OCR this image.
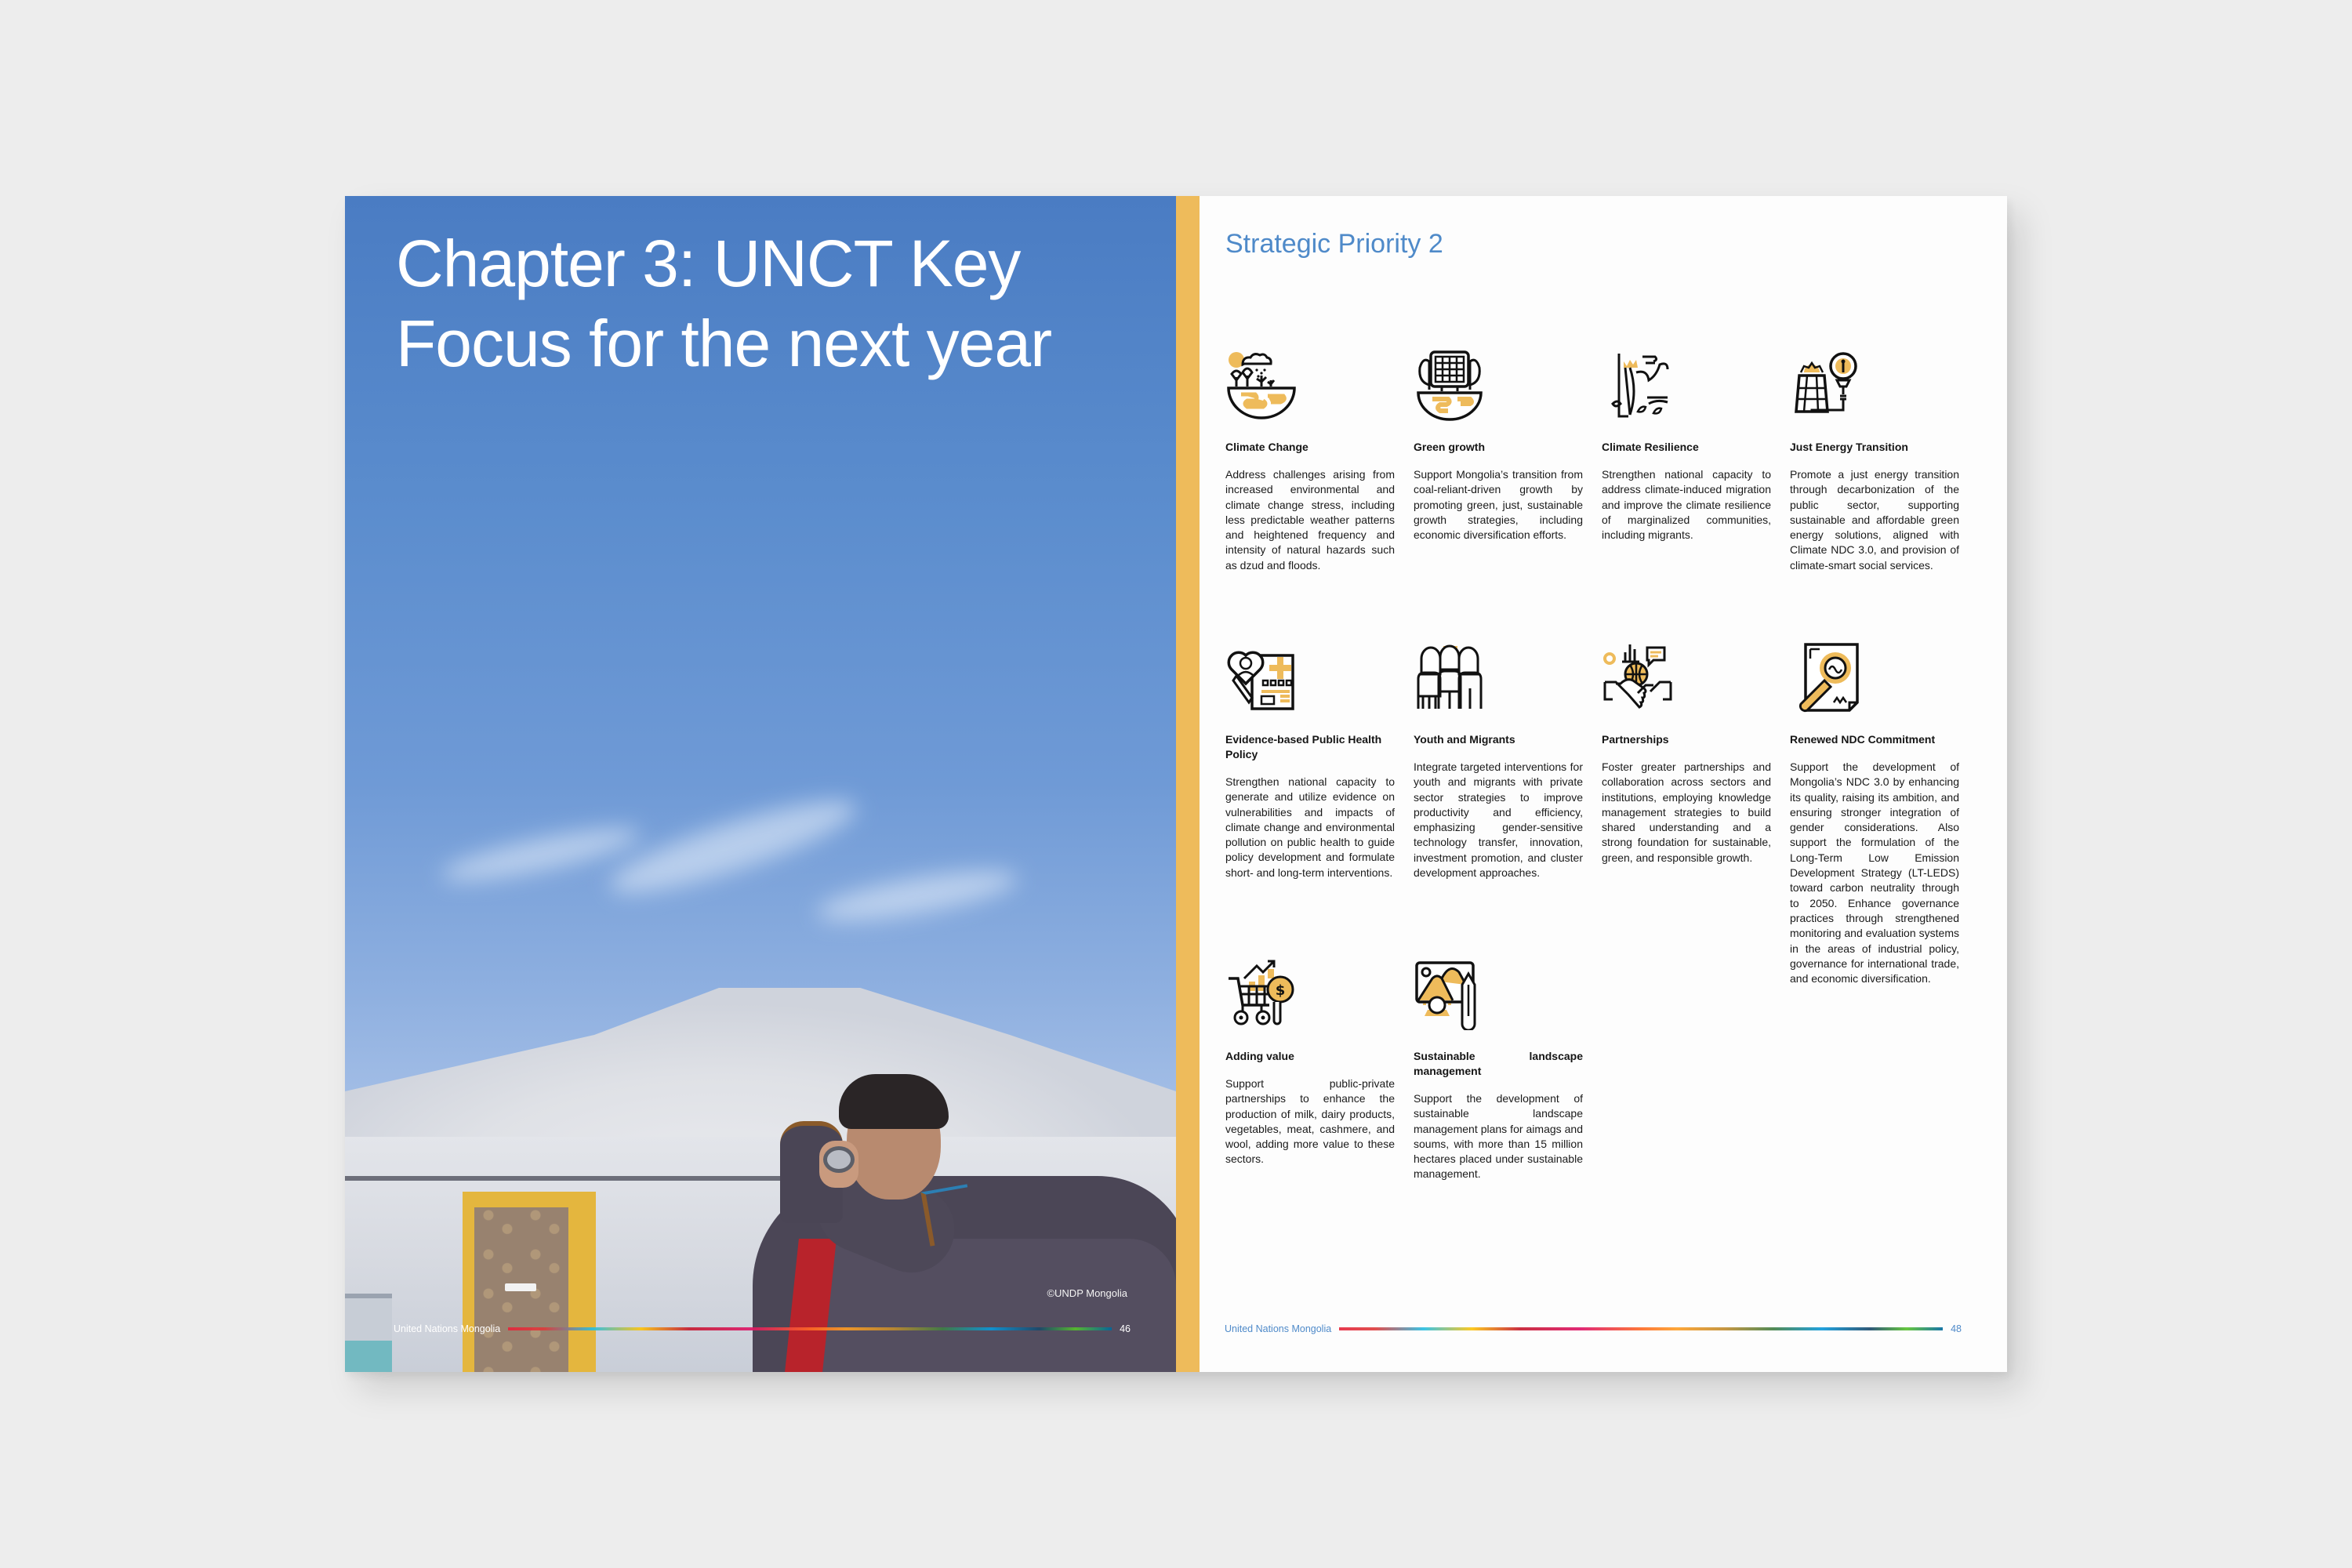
Chapter 3: UNCT Key
Focus for the next year
©UNDP Mongolia
United Nations Mongolia	46
Strategic Priority 2
Climate Change
Address challenges arising from increased environmental and climate change stress, including less predictable weather patterns and heightened frequency and intensity of natural hazards such as dzud and floods.
Green growth
Support Mongolia’s transition from coal-reliant-driven growth by promoting green, just, sustainable growth strategies, including economic diversification efforts.
Climate Resilience
Strengthen national capacity to address climate-induced migration and improve the climate resilience of marginalized communities, including migrants.
Just Energy Transition
Promote a just energy transition through decarbonization of the public sector, supporting sustainable and affordable green energy solutions, aligned with Climate NDC 3.0, and provision of climate-smart social services.
Evidence-based Public Health Policy
Strengthen national capacity to generate and utilize evidence on vulnerabilities and impacts of climate change and environmental pollution on public health to guide policy development and formulate short- and long-term interventions.
Youth and Migrants
Integrate targeted interventions for youth and migrants with private sector strategies to improve productivity and efficiency, emphasizing gender-sensitive technology transfer, innovation, investment promotion, and cluster development approaches.
Partnerships
Foster greater partnerships and collaboration across sectors and institutions, employing knowledge management strategies to build shared understanding and a strong foundation for sustainable, green, and responsible growth.
Renewed NDC Commitment
Support the development of Mongolia’s NDC 3.0 by enhancing its quality, raising its ambition, and ensuring stronger integration of gender considerations. Also support the formulation of the Long-Term Low Emission Development Strategy (LT-LEDS) toward carbon neutrality through to 2050. Enhance governance practices through strengthened monitoring and evaluation systems in the areas of industrial policy, governance for international trade, and economic diversification.
$
Adding value
Support public-private partnerships to enhance the production of milk, dairy products, vegetables, meat, cashmere, and wool, adding more value to these sectors.
Sustainable landscape management
Support the development of sustainable landscape management plans for aimags and soums, with more than 15 million hectares placed under sustainable management.
United Nations Mongolia	48
